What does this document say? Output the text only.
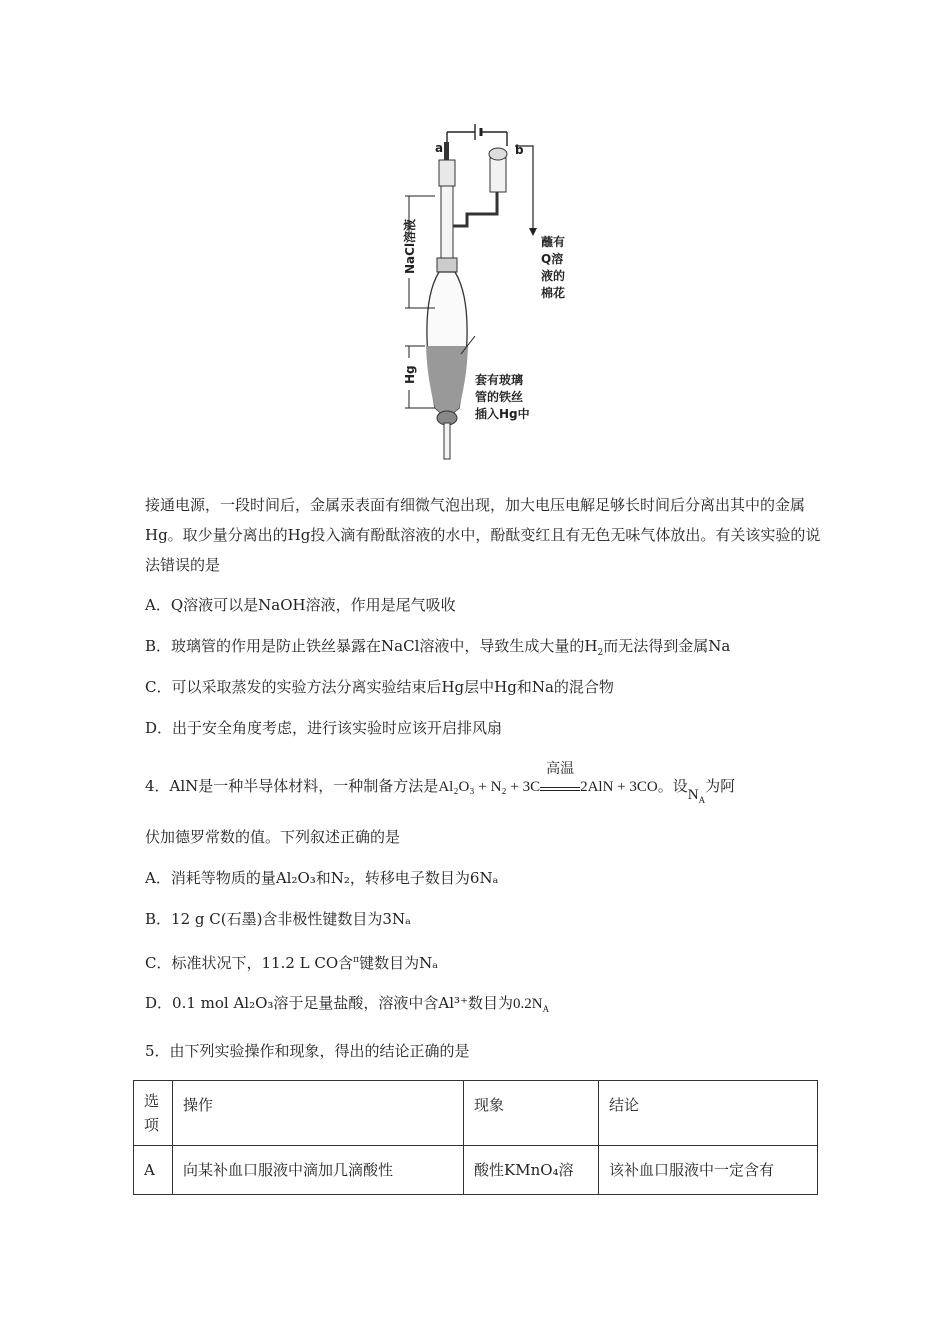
a	b
NaCl溶液
Hg
蘸有
Q溶
液的
棉花
套有玻璃
管的铁丝
插入Hg中
接通电源，一段时间后，金属汞表面有细微气泡出现，加大电压电解足够长时间后分离出其中的金属Hg。取少量分离出的Hg投入滴有酚酞溶液的水中，酚酞变红且有无色无味气体放出。有关该实验的说法错误的是
A．Q溶液可以是NaOH溶液，作用是尾气吸收
B．玻璃管的作用是防止铁丝暴露在NaCl溶液中，导致生成大量的$H_2$而无法得到金属Na
C．可以采取蒸发的实验方法分离实验结束后Hg层中Hg和Na的混合物
D．出于安全角度考虑，进行该实验时应该开启排风扇
4．AlN是一种半导体材料，一种制备方法是Al₂O₃ + N₂ + 3C
高温
2AlN + 3CO。设$N_A$为阿
伏加德罗常数的值。下列叙述正确的是
A．消耗等物质的量Al₂O₃和N₂，转移电子数目为6Nₐ
B．12 g C(石墨)含非极性键数目为3Nₐ
C．标准状况下，11.2 L CO含$^\pi$键数目为Nₐ
D．0.1 mol Al₂O₃溶于足量盐酸，溶液中含Al³⁺数目为$0.2N_A$
5．由下列实验操作和现象，得出的结论正确的是
选项	操作	现象	结论
A	向某补血口服液中滴加几滴酸性	酸性KMnO₄溶	该补血口服液中一定含有
